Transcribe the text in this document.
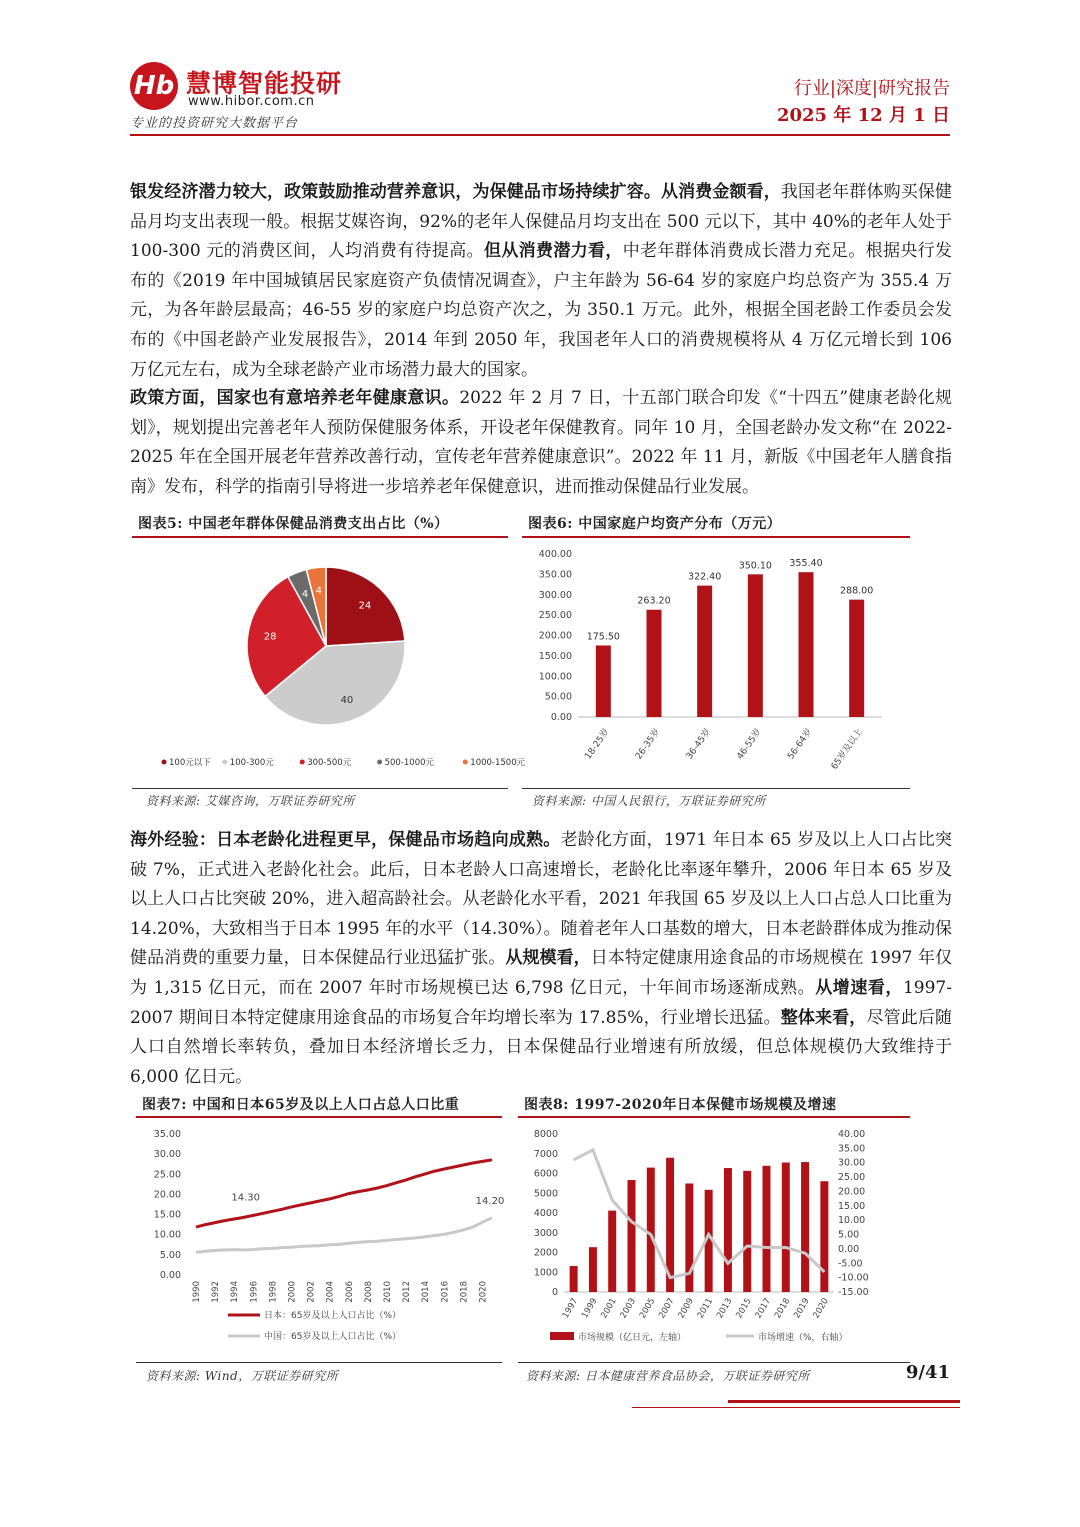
Hb 慧博智能投研
www.hibor.com.cn
专业的投资研究大数据平台
行业|深度|研究报告
2025 年 12 月 1 日
银发经济潜力较大，政策鼓励推动营养意识，为保健品市场持续扩容。从消费金额看，我国老年群体购买保健品月均支出表现一般。根据艾媒咨询，92%的老年人保健品月均支出在 500 元以下，其中 40%的老年人处于 100-300 元的消费区间，人均消费有待提高。但从消费潜力看，中老年群体消费成长潜力充足。根据央行发布的《2019 年中国城镇居民家庭资产负债情况调查》，户主年龄为 56-64 岁的家庭户均总资产为 355.4 万元，为各年龄层最高；46-55 岁的家庭户均总资产次之，为 350.1 万元。此外，根据全国老龄工作委员会发布的《中国老龄产业发展报告》，2014 年到 2050 年，我国老年人口的消费规模将从 4 万亿元增长到 106 万亿元左右，成为全球老龄产业市场潜力最大的国家。
政策方面，国家也有意培养老年健康意识。2022 年 2 月 7 日，十五部门联合印发《“十四五”健康老龄化规划》，规划提出完善老年人预防保健服务体系，开设老年保健教育。同年 10 月，全国老龄办发文称“在 2022-2025 年在全国开展老年营养改善行动，宣传老年营养健康意识”。2022 年 11 月，新版《中国老年人膳食指南》发布，科学的指南引导将进一步培养老年保健意识，进而推动保健品行业发展。
图表5: 中国老年群体保健品消费支出占比（%）	图表6: 中国家庭户均资产分布（万元）
24
40
28
4 4
100元以下 100-300元	300-500元	500-1000元	1000-1500元
400.00
350.00
300.00
250.00
200.00
150.00
100.00
50.00
0.00
175.50
18-25岁
263.20
26-35岁
322.40
36-45岁
350.10
46-55岁
355.40
56-64岁
288.00
65岁及以上
资料来源: 艾媒咨询，万联证券研究所	资料来源: 中国人民银行，万联证券研究所
海外经验：日本老龄化进程更早，保健品市场趋向成熟。老龄化方面，1971 年日本 65 岁及以上人口占比突破 7%，正式进入老龄化社会。此后，日本老龄人口高速增长，老龄化比率逐年攀升，2006 年日本 65 岁及以上人口占比突破 20%，进入超高龄社会。从老龄化水平看，2021 年我国 65 岁及以上人口占总人口比重为 14.20%，大致相当于日本 1995 年的水平（14.30%）。随着老年人口基数的增大，日本老龄群体成为推动保健品消费的重要力量，日本保健品行业迅猛扩张。从规模看，日本特定健康用途食品的市场规模在 1997 年仅为 1,315 亿日元，而在 2007 年时市场规模已达 6,798 亿日元，十年间市场逐渐成熟。从增速看，1997-2007 期间日本特定健康用途食品的市场复合年均增长率为 17.85%，行业增长迅猛。整体来看，尽管此后随人口自然增长率转负，叠加日本经济增长乏力，日本保健品行业增速有所放缓，但总体规模仍大致维持于 6,000 亿日元。
图表7: 中国和日本65岁及以上人口占总人口比重	图表8: 1997-2020年日本保健市场规模及增速
35.00
30.00
25.00
20.00
15.00
10.00
5.00
0.00
1990 1992 1994 1996 1998 2000 2002 2004 2006 2008 2010 2012 2014 2016 2018 2020
14.30	14.20
日本：65岁及以上人口占比（%）
中国：65岁及以上人口占比（%）
8000
7000
6000
5000
4000
3000
2000
1000
0
40.00
35.00
30.00
25.00
20.00
15.00
10.00
5.00
0.00
-5.00
-10.00
-15.00
1997 1999 2001 2003 2005 2007 2009 2011 2013 2015 2017 2018 2019 2020
市场规模（亿日元，左轴）	市场增速（%，右轴）
资料来源: Wind，万联证券研究所	资料来源: 日本健康营养食品协会，万联证券研究所	9/41
